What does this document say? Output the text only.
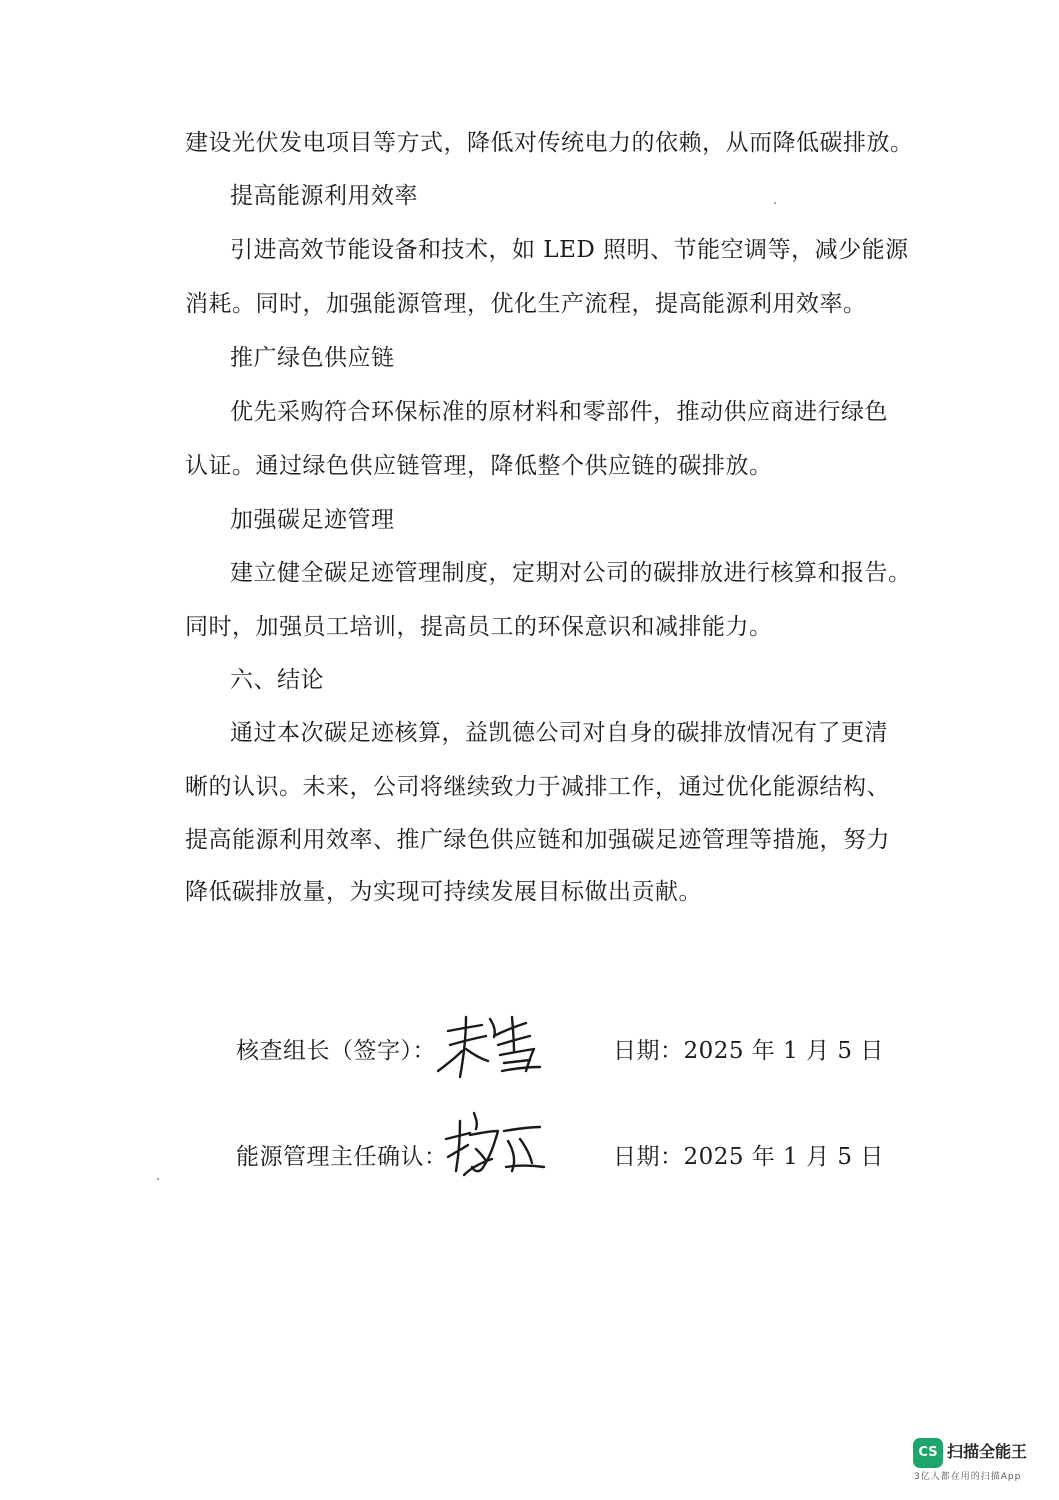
建设光伏发电项目等方式，降低对传统电力的依赖，从而降低碳排放。
提高能源利用效率
引进高效节能设备和技术，如 LED 照明、节能空调等，减少能源
消耗。同时，加强能源管理，优化生产流程，提高能源利用效率。
推广绿色供应链
优先采购符合环保标准的原材料和零部件，推动供应商进行绿色
认证。通过绿色供应链管理，降低整个供应链的碳排放。
加强碳足迹管理
建立健全碳足迹管理制度，定期对公司的碳排放进行核算和报告。
同时，加强员工培训，提高员工的环保意识和减排能力。
六、结论
通过本次碳足迹核算，益凯德公司对自身的碳排放情况有了更清
晰的认识。未来，公司将继续致力于减排工作，通过优化能源结构、
提高能源利用效率、推广绿色供应链和加强碳足迹管理等措施，努力
降低碳排放量，为实现可持续发展目标做出贡献。
核查组长（签字）：	日期：2025 年 1 月 5 日
能源管理主任确认：	日期：2025 年 1 月 5 日
CS 扫描全能王
3亿人都在用的扫描App
